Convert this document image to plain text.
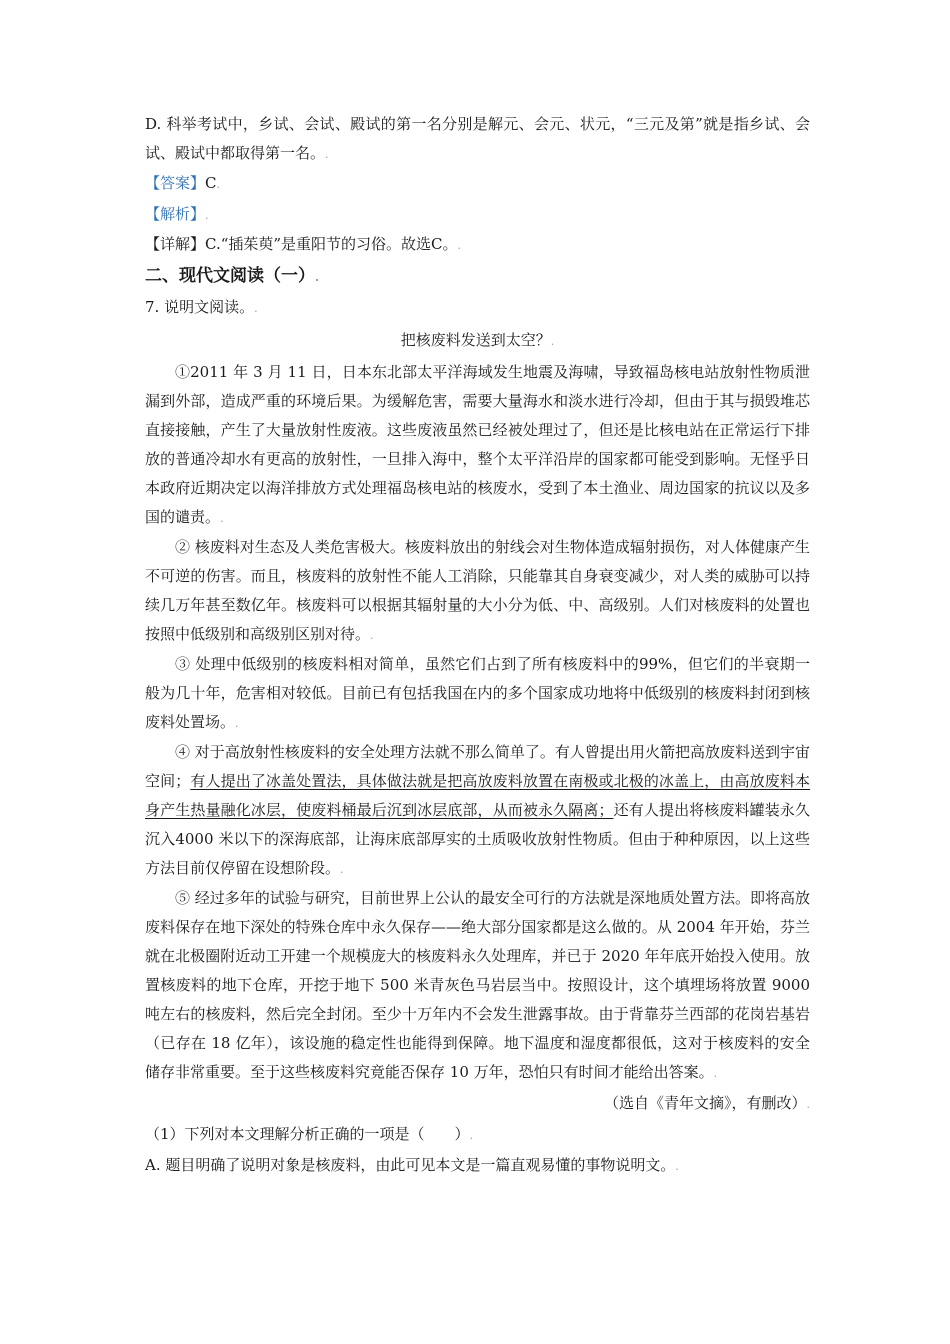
D. 科举考试中，乡试、会试、殿试的第一名分别是解元、会元、状元，“三元及第”就是指乡试、会试、殿试中都取得第一名。.
【答案】C.
【解析】.
【详解】C.“插茱萸”是重阳节的习俗。故选C。.
二、现代文阅读（一）.
7. 说明文阅读。.
把核废料发送到太空？.
①2011 年 3 月 11 日，日本东北部太平洋海域发生地震及海啸，导致福岛核电站放射性物质泄漏到外部，造成严重的环境后果。为缓解危害，需要大量海水和淡水进行冷却，但由于其与损毁堆芯直接接触，产生了大量放射性废液。这些废液虽然已经被处理过了，但还是比核电站在正常运行下排放的普通冷却水有更高的放射性，一旦排入海中，整个太平洋沿岸的国家都可能受到影响。无怪乎日本政府近期决定以海洋排放方式处理福岛核电站的核废水，受到了本土渔业、周边国家的抗议以及多国的谴责。.
② 核废料对生态及人类危害极大。核废料放出的射线会对生物体造成辐射损伤，对人体健康产生不可逆的伤害。而且，核废料的放射性不能人工消除，只能靠其自身衰变减少，对人类的威胁可以持续几万年甚至数亿年。核废料可以根据其辐射量的大小分为低、中、高级别。人们对核废料的处置也按照中低级别和高级别区别对待。.
③ 处理中低级别的核废料相对简单，虽然它们占到了所有核废料中的99%，但它们的半衰期一般为几十年，危害相对较低。目前已有包括我国在内的多个国家成功地将中低级别的核废料封闭到核废料处置场。.
④ 对于高放射性核废料的安全处理方法就不那么简单了。有人曾提出用火箭把高放废料送到宇宙空间；有人提出了冰盖处置法，具体做法就是把高放废料放置在南极或北极的冰盖上，由高放废料本身产生热量融化冰层，使废料桶最后沉到冰层底部，从而被永久隔离；还有人提出将核废料罐装永久沉入4000 米以下的深海底部，让海床底部厚实的土质吸收放射性物质。但由于种种原因，以上这些方法目前仅停留在设想阶段。.
⑤ 经过多年的试验与研究，目前世界上公认的最安全可行的方法就是深地质处置方法。即将高放废料保存在地下深处的特殊仓库中永久保存——绝大部分国家都是这么做的。从 2004 年开始，芬兰就在北极圈附近动工开建一个规模庞大的核废料永久处理库，并已于 2020 年年底开始投入使用。放置核废料的地下仓库，开挖于地下 500 米青灰色马岩层当中。按照设计，这个填埋场将放置 9000 吨左右的核废料，然后完全封闭。至少十万年内不会发生泄露事故。由于背靠芬兰西部的花岗岩基岩（已存在 18 亿年），该设施的稳定性也能得到保障。地下温度和湿度都很低，这对于核废料的安全储存非常重要。至于这些核废料究竟能否保存 10 万年，恐怕只有时间才能给出答案。.
（选自《青年文摘》，有删改）.
（1）下列对本文理解分析正确的一项是（　　）.
A. 题目明确了说明对象是核废料，由此可见本文是一篇直观易懂的事物说明文。.
